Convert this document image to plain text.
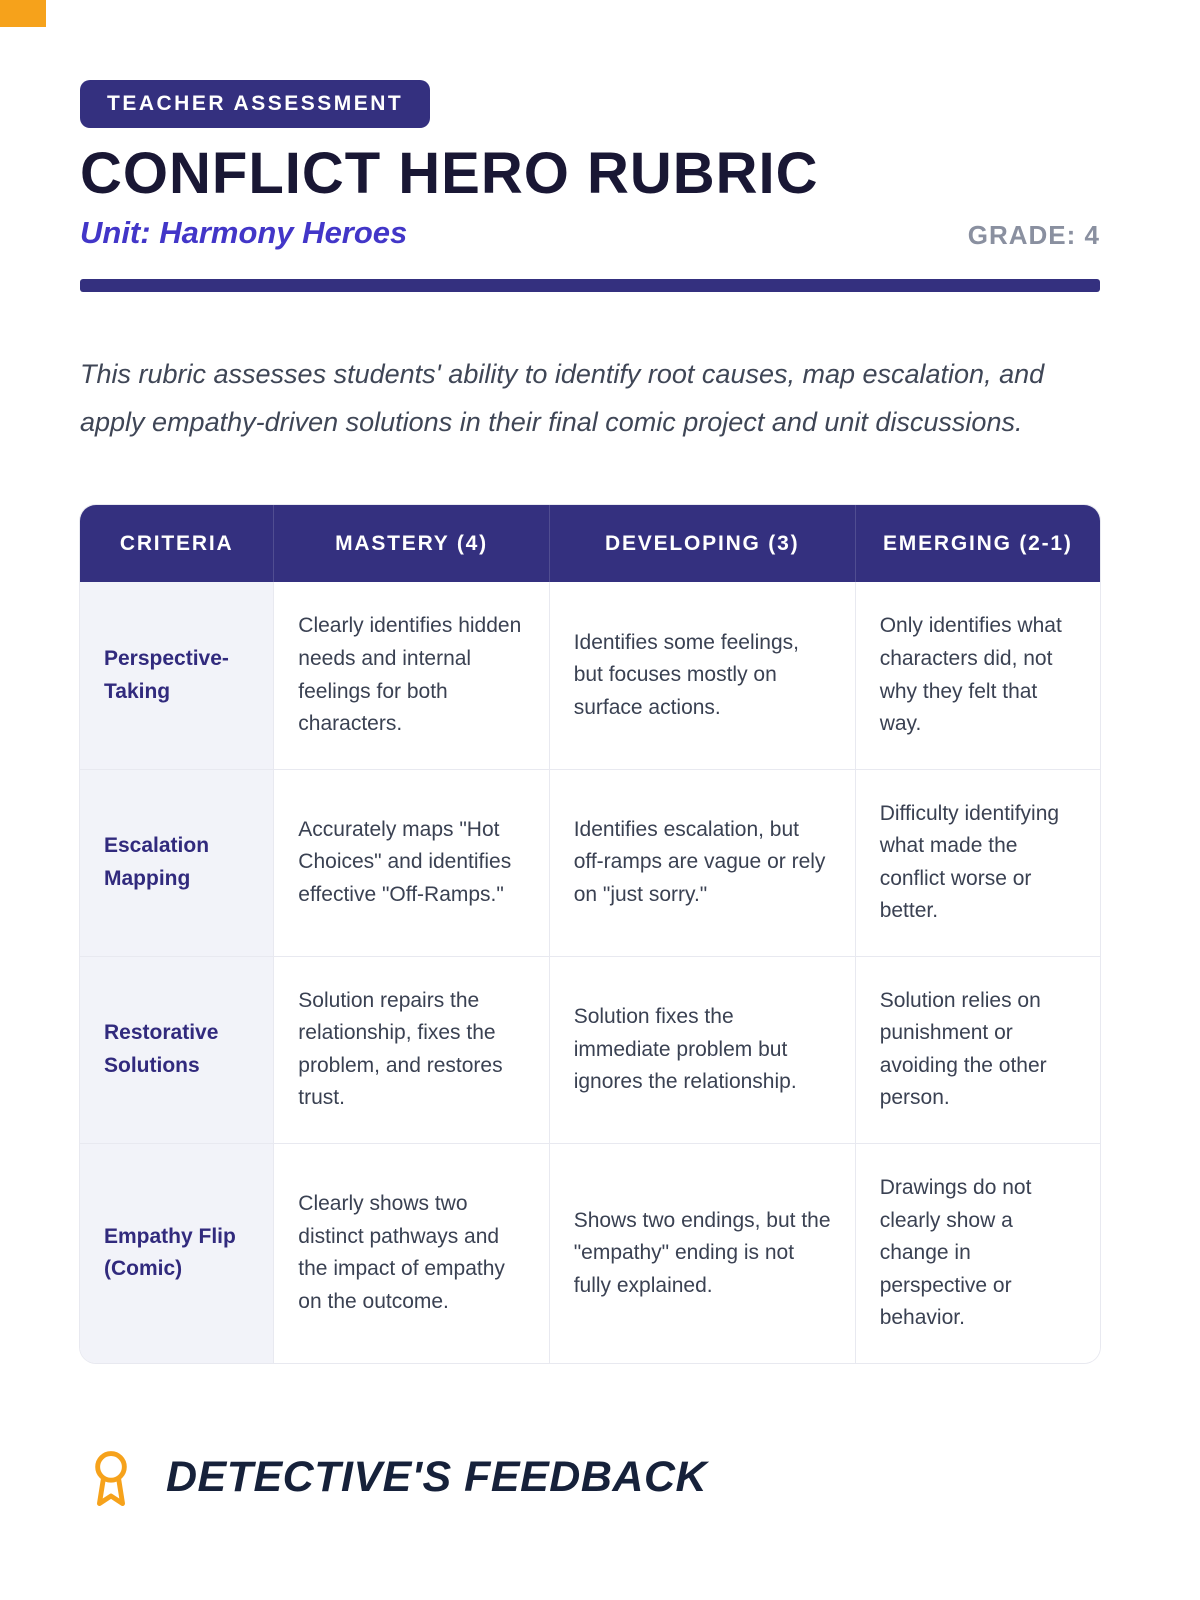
TEACHER ASSESSMENT
CONFLICT HERO RUBRIC
Unit: Harmony Heroes	GRADE: 4

This rubric assesses students' ability to identify root causes, map escalation, and apply empathy-driven solutions in their final comic project and unit discussions.

CRITERIA	MASTERY (4)	DEVELOPING (3)	EMERGING (2-1)
Perspective-Taking	Clearly identifies hidden needs and internal feelings for both characters.	Identifies some feelings, but focuses mostly on surface actions.	Only identifies what characters did, not why they felt that way.
Escalation Mapping	Accurately maps "Hot Choices" and identifies effective "Off-Ramps."	Identifies escalation, but off-ramps are vague or rely on "just sorry."	Difficulty identifying what made the conflict worse or better.
Restorative Solutions	Solution repairs the relationship, fixes the problem, and restores trust.	Solution fixes the immediate problem but ignores the relationship.	Solution relies on punishment or avoiding the other person.
Empathy Flip (Comic)	Clearly shows two distinct pathways and the impact of empathy on the outcome.	Shows two endings, but the "empathy" ending is not fully explained.	Drawings do not clearly show a change in perspective or behavior.
DETECTIVE'S FEEDBACK
